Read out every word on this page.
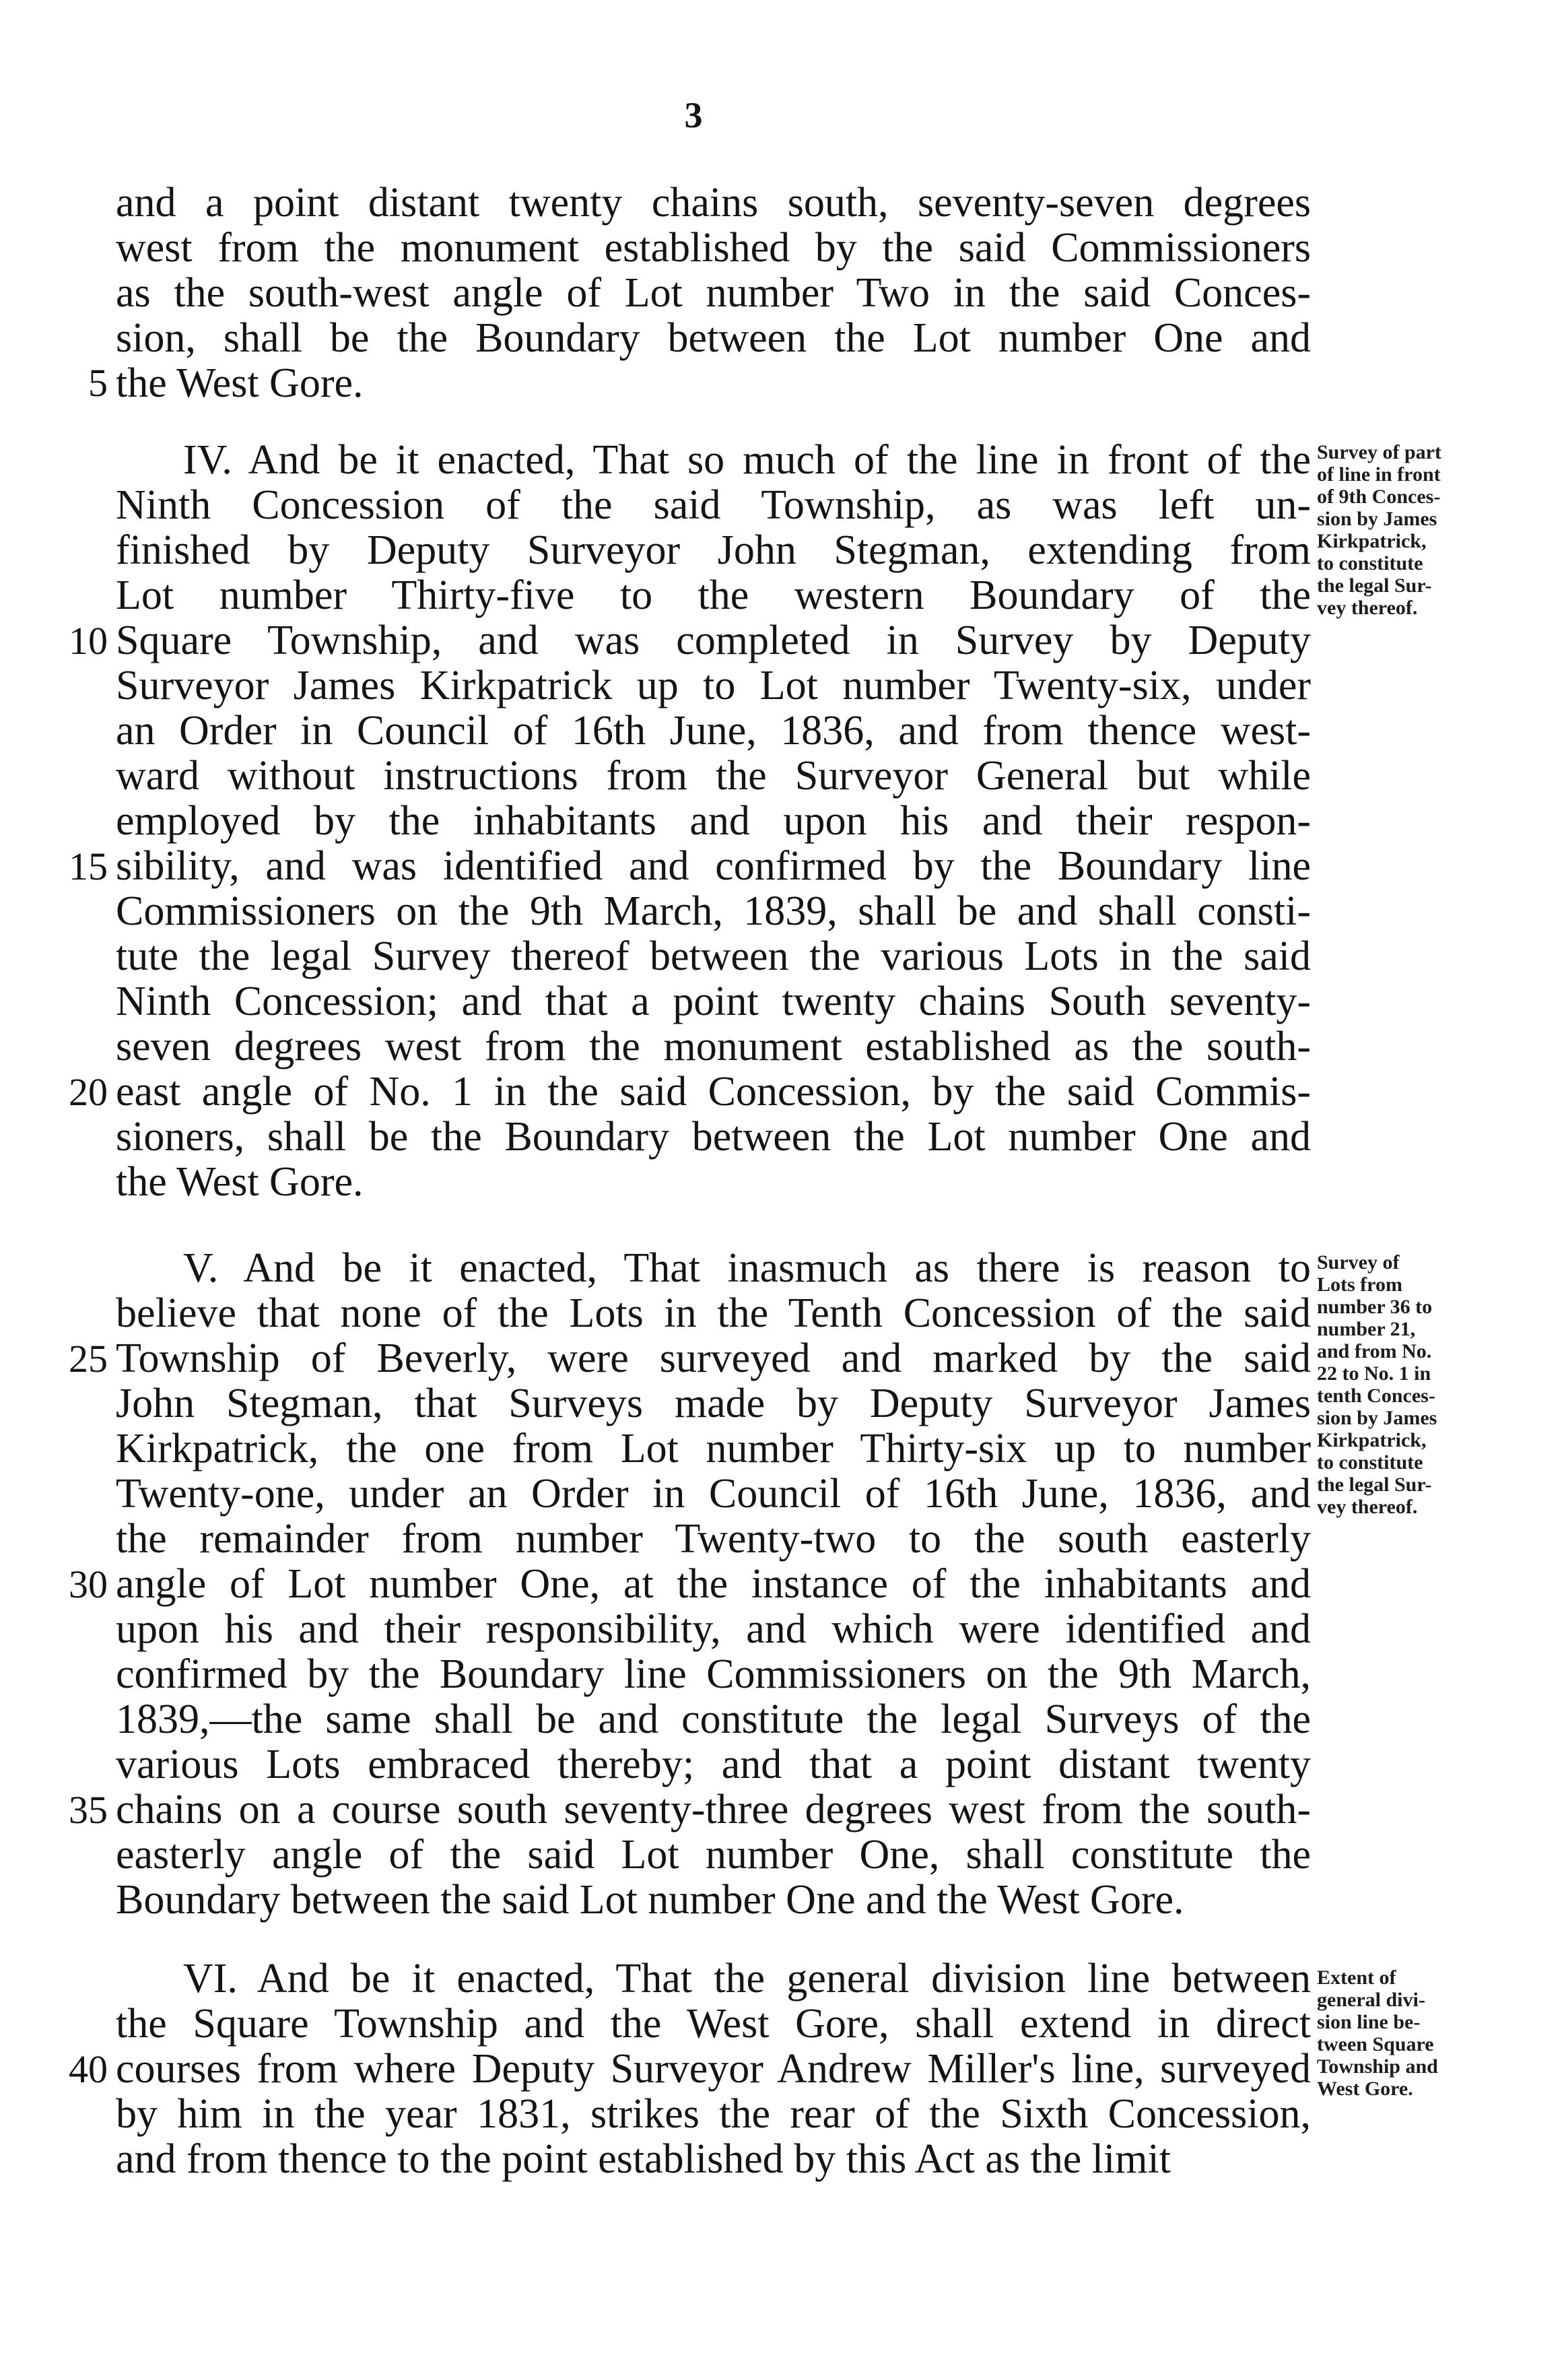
3
and a point distant twenty chains south, seventy-seven degrees
west from the monument established by the said Commissioners
as the south-west angle of Lot number Two in the said Conces-
sion, shall be the Boundary between the Lot number One and
the West Gore.
IV. And be it enacted, That so much of the line in front of the
Ninth Concession of the said Township, as was left un-
finished by Deputy Surveyor John Stegman, extending from
Lot number Thirty-five to the western Boundary of the
Square Township, and was completed in Survey by Deputy
Surveyor James Kirkpatrick up to Lot number Twenty-six, under
an Order in Council of 16th June, 1836, and from thence west-
ward without instructions from the Surveyor General but while
employed by the inhabitants and upon his and their respon-
sibility, and was identified and confirmed by the Boundary line
Commissioners on the 9th March, 1839, shall be and shall consti-
tute the legal Survey thereof between the various Lots in the said
Ninth Concession; and that a point twenty chains South seventy-
seven degrees west from the monument established as the south-
east angle of No. 1 in the said Concession, by the said Commis-
sioners, shall be the Boundary between the Lot number One and
the West Gore.
V. And be it enacted, That inasmuch as there is reason to
believe that none of the Lots in the Tenth Concession of the said
Township of Beverly, were surveyed and marked by the said
John Stegman, that Surveys made by Deputy Surveyor James
Kirkpatrick, the one from Lot number Thirty-six up to number
Twenty-one, under an Order in Council of 16th June, 1836, and
the remainder from number Twenty-two to the south easterly
angle of Lot number One, at the instance of the inhabitants and
upon his and their responsibility, and which were identified and
confirmed by the Boundary line Commissioners on the 9th March,
1839,—the same shall be and constitute the legal Surveys of the
various Lots embraced thereby; and that a point distant twenty
chains on a course south seventy-three degrees west from the south-
easterly angle of the said Lot number One, shall constitute the
Boundary between the said Lot number One and the West Gore.
VI. And be it enacted, That the general division line between
the Square Township and the West Gore, shall extend in direct
courses from where Deputy Surveyor Andrew Miller's line, surveyed
by him in the year 1831, strikes the rear of the Sixth Concession,
and from thence to the point established by this Act as the limit
5
10
15
20
25
30
35
40
Survey of part
of line in front
of 9th Conces-
sion by James
Kirkpatrick,
to constitute
the legal Sur-
vey thereof.
Survey of
Lots from
number 36 to
number 21,
and from No.
22 to No. 1 in
tenth Conces-
sion by James
Kirkpatrick,
to constitute
the legal Sur-
vey thereof.
Extent of
general divi-
sion line be-
tween Square
Township and
West Gore.
